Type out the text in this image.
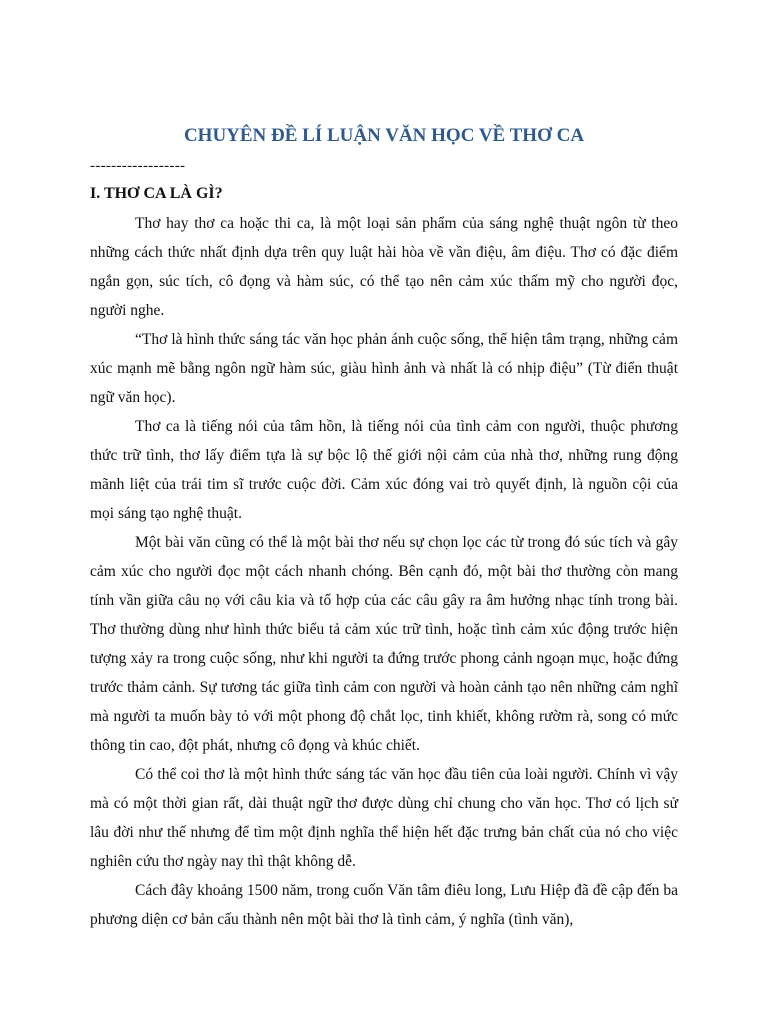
CHUYÊN ĐỀ LÍ LUẬN VĂN HỌC VỀ THƠ CA
------------------
I. THƠ CA LÀ GÌ?

Thơ hay thơ ca hoặc thi ca, là một loại sản phẩm của sáng nghệ thuật ngôn từ theo những cách thức nhất định dựa trên quy luật hài hòa về vần điệu, âm điệu. Thơ có đặc điểm ngắn gọn, súc tích, cô đọng và hàm súc, có thể tạo nên cảm xúc thấm mỹ cho người đọc, người nghe.

“Thơ là hình thức sáng tác văn học phản ánh cuộc sống, thể hiện tâm trạng, những cảm xúc mạnh mẽ bằng ngôn ngữ hàm súc, giàu hình ảnh và nhất là có nhịp điệu” (Từ điển thuật ngữ văn học).

Thơ ca là tiếng nói của tâm hồn, là tiếng nói của tình cảm con người, thuộc phương thức trữ tình, thơ lấy điểm tựa là sự bộc lộ thế giới nội cảm của nhà thơ, những rung động mãnh liệt của trái tim sĩ trước cuộc đời. Cảm xúc đóng vai trò quyết định, là nguồn cội của mọi sáng tạo nghệ thuật.

Một bài văn cũng có thể là một bài thơ nếu sự chọn lọc các từ trong đó súc tích và gây cảm xúc cho người đọc một cách nhanh chóng. Bên cạnh đó, một bài thơ thường còn mang tính vần giữa câu nọ với câu kia và tổ hợp của các câu gây ra âm hưởng nhạc tính trong bài. Thơ thường dùng như hình thức biểu tả cảm xúc trữ tình, hoặc tình cảm xúc động trước hiện tượng xảy ra trong cuộc sống, như khi người ta đứng trước phong cảnh ngoạn mục, hoặc đứng trước thảm cảnh. Sự tương tác giữa tình cảm con người và hoàn cảnh tạo nên những cảm nghĩ mà người ta muốn bày tỏ với một phong độ chắt lọc, tinh khiết, không rườm rà, song có mức thông tin cao, đột phát, nhưng cô đọng và khúc chiết.

Có thể coi thơ là một hình thức sáng tác văn học đầu tiên của loài người. Chính vì vậy mà có một thời gian rất, dài thuật ngữ thơ được dùng chỉ chung cho văn học. Thơ có lịch sử lâu đời như thế nhưng để tìm một định nghĩa thể hiện hết đặc trưng bản chất của nó cho việc nghiên cứu thơ ngày nay thì thật không dễ.

Cách đây khoảng 1500 năm, trong cuốn Văn tâm điêu long, Lưu Hiệp đã đề cập đến ba phương diện cơ bản cấu thành nên một bài thơ là tình cảm, ý nghĩa (tình văn),
